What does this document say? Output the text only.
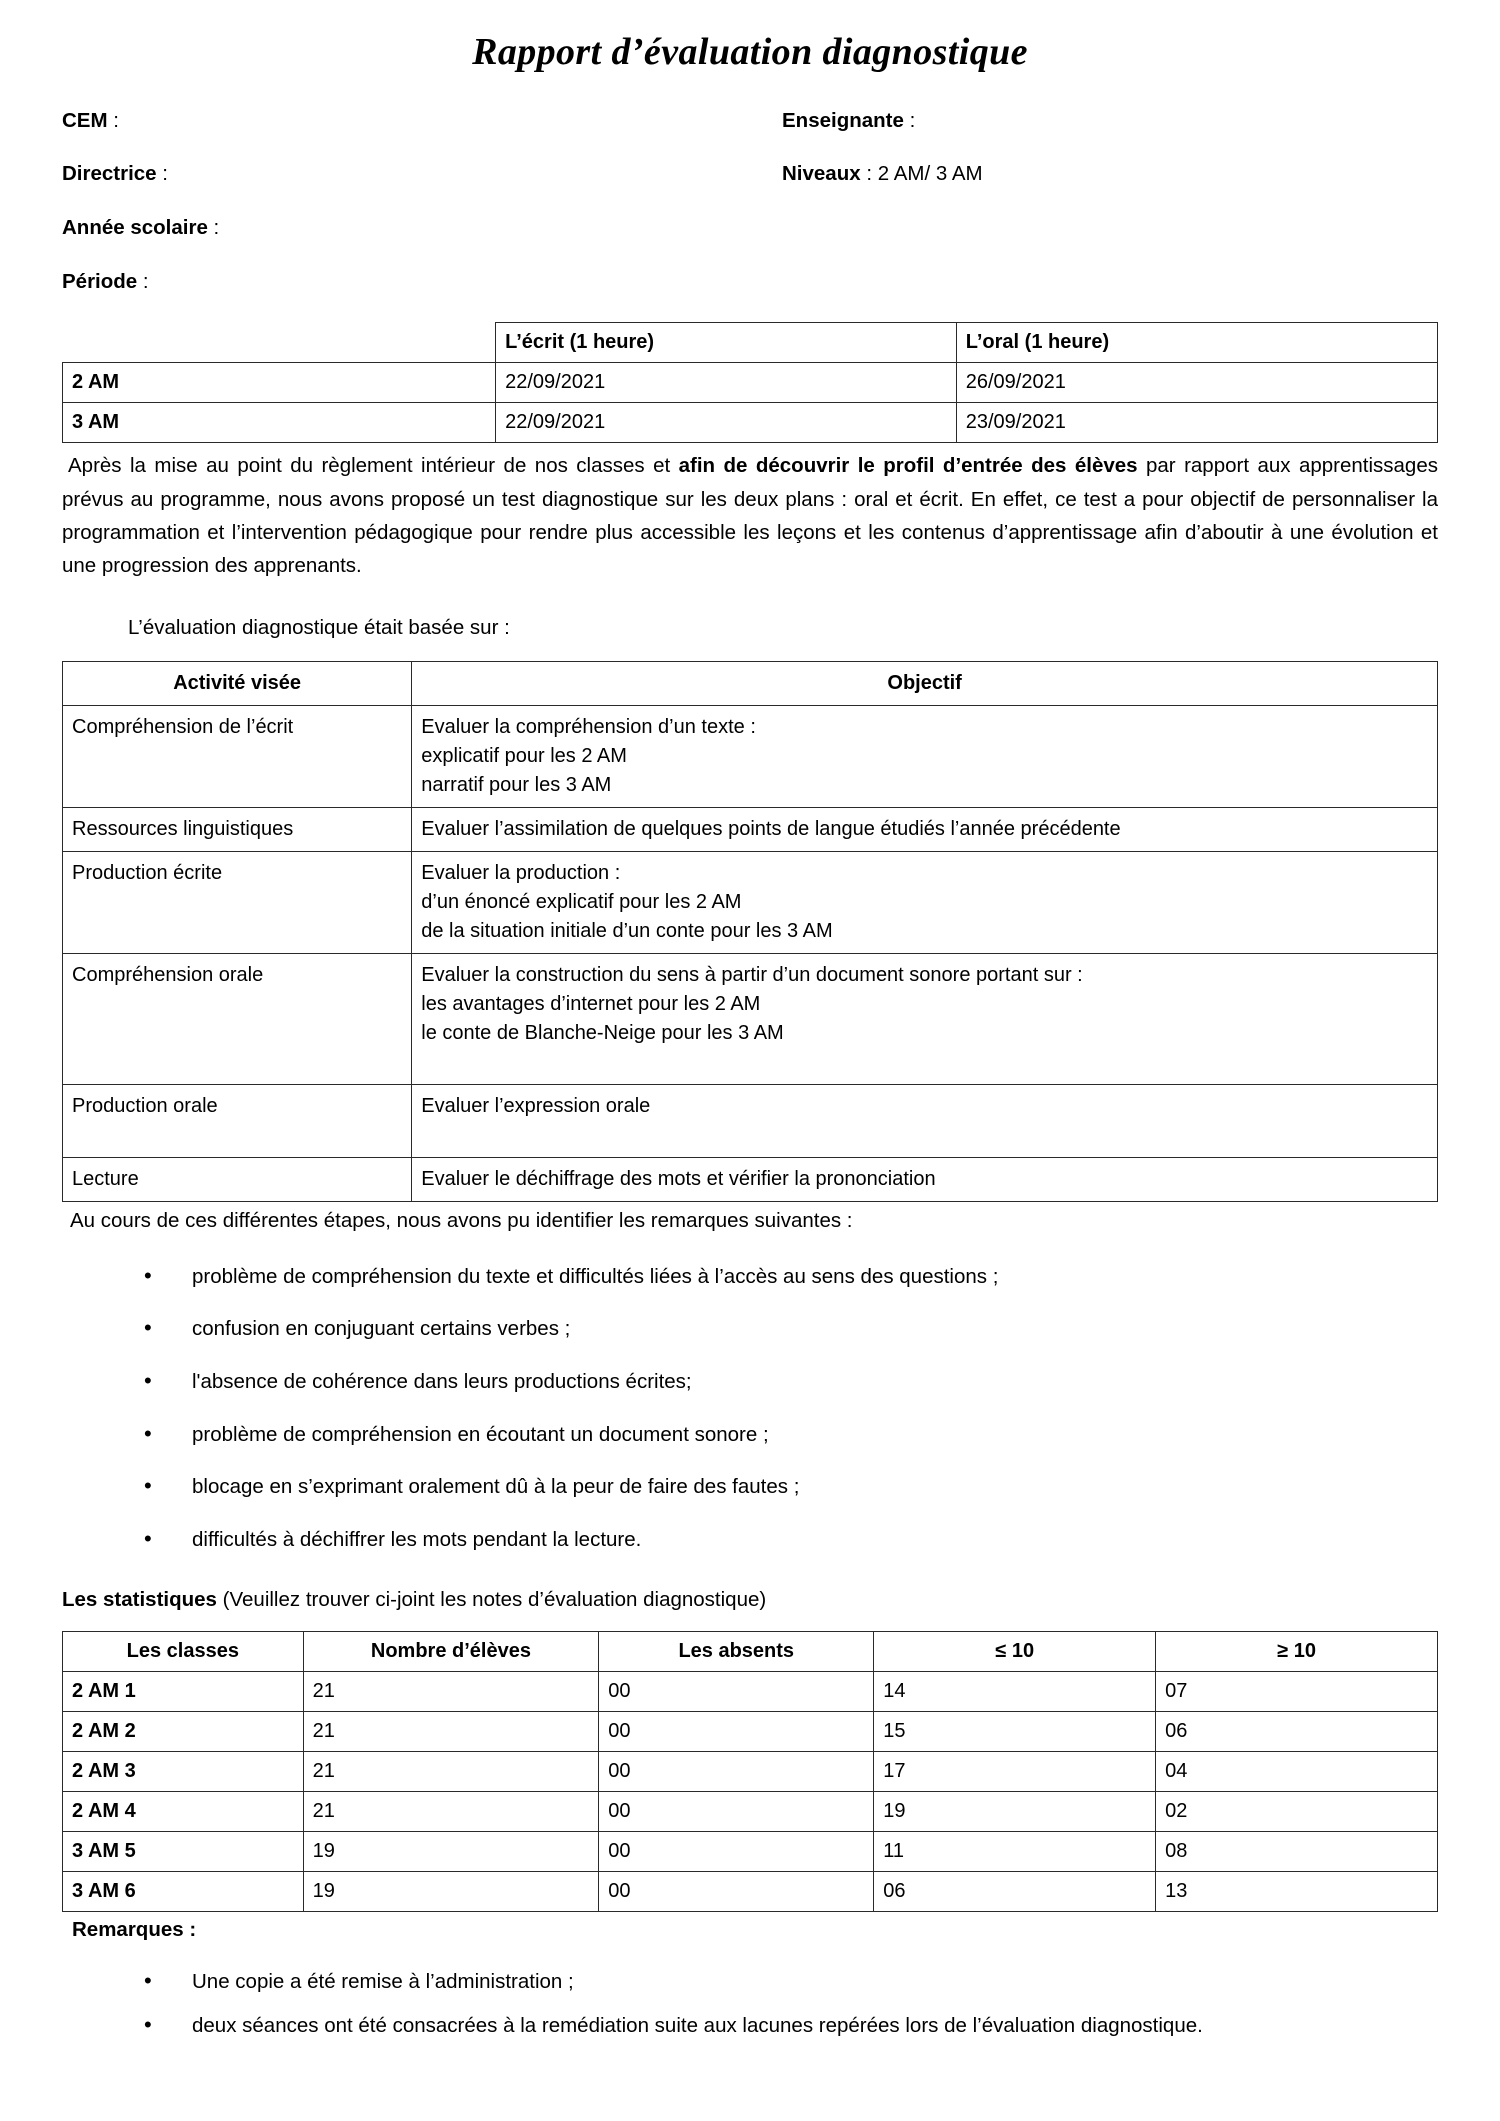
Rapport d’évaluation diagnostique
CEM :	Enseignante :
Directrice :	Niveaux : 2 AM/ 3 AM
Année scolaire :
Période :
	L’écrit (1 heure)	L’oral (1 heure)
2 AM	22/09/2021	26/09/2021
3 AM	22/09/2021	23/09/2021

Après la mise au point du règlement intérieur de nos classes et afin de découvrir le profil d’entrée des élèves par rapport aux apprentissages prévus au programme, nous avons proposé un test diagnostique sur les deux plans : oral et écrit. En effet, ce test a pour objectif de personnaliser la programmation et l’intervention pédagogique pour rendre plus accessible les leçons et les contenus d’apprentissage afin d’aboutir à une évolution et une progression des apprenants.

L’évaluation diagnostique était basée sur :

Activité visée	Objectif
Compréhension de l’écrit	Evaluer la compréhension d’un texte :
explicatif pour les 2 AM
narratif pour les 3 AM

Ressources linguistiques	Evaluer l’assimilation de quelques points de langue étudiés l’année précédente

Production écrite	Evaluer la production :
d’un énoncé explicatif pour les 2 AM
de la situation initiale d’un conte pour les 3 AM

Compréhension orale	Evaluer la construction du sens à partir d’un document sonore portant sur :
les avantages d’internet pour les 2 AM
le conte de Blanche-Neige pour les 3 AM

Production orale	Evaluer l’expression orale

Lecture	Evaluer le déchiffrage des mots et vérifier la prononciation

Au cours de ces différentes étapes, nous avons pu identifier les remarques suivantes :

• problème de compréhension du texte et difficultés liées à l’accès au sens des questions ;
• confusion en conjuguant certains verbes ;
• l'absence de cohérence dans leurs productions écrites;
• problème de compréhension en écoutant un document sonore ;
• blocage en s’exprimant oralement dû à la peur de faire des fautes ;
• difficultés à déchiffrer les mots pendant la lecture.

Les statistiques (Veuillez trouver ci-joint les notes d’évaluation diagnostique)

Les classes	Nombre d’élèves	Les absents	≤ 10	≥ 10
2 AM 1	21	00	14	07
2 AM 2	21	00	15	06
2 AM 3	21	00	17	04
2 AM 4	21	00	19	02
3 AM 5	19	00	11	08
3 AM 6	19	00	06	13

Remarques :

• Une copie a été remise à l’administration ;
• deux séances ont été consacrées à la remédiation suite aux lacunes repérées lors de l’évaluation diagnostique.
